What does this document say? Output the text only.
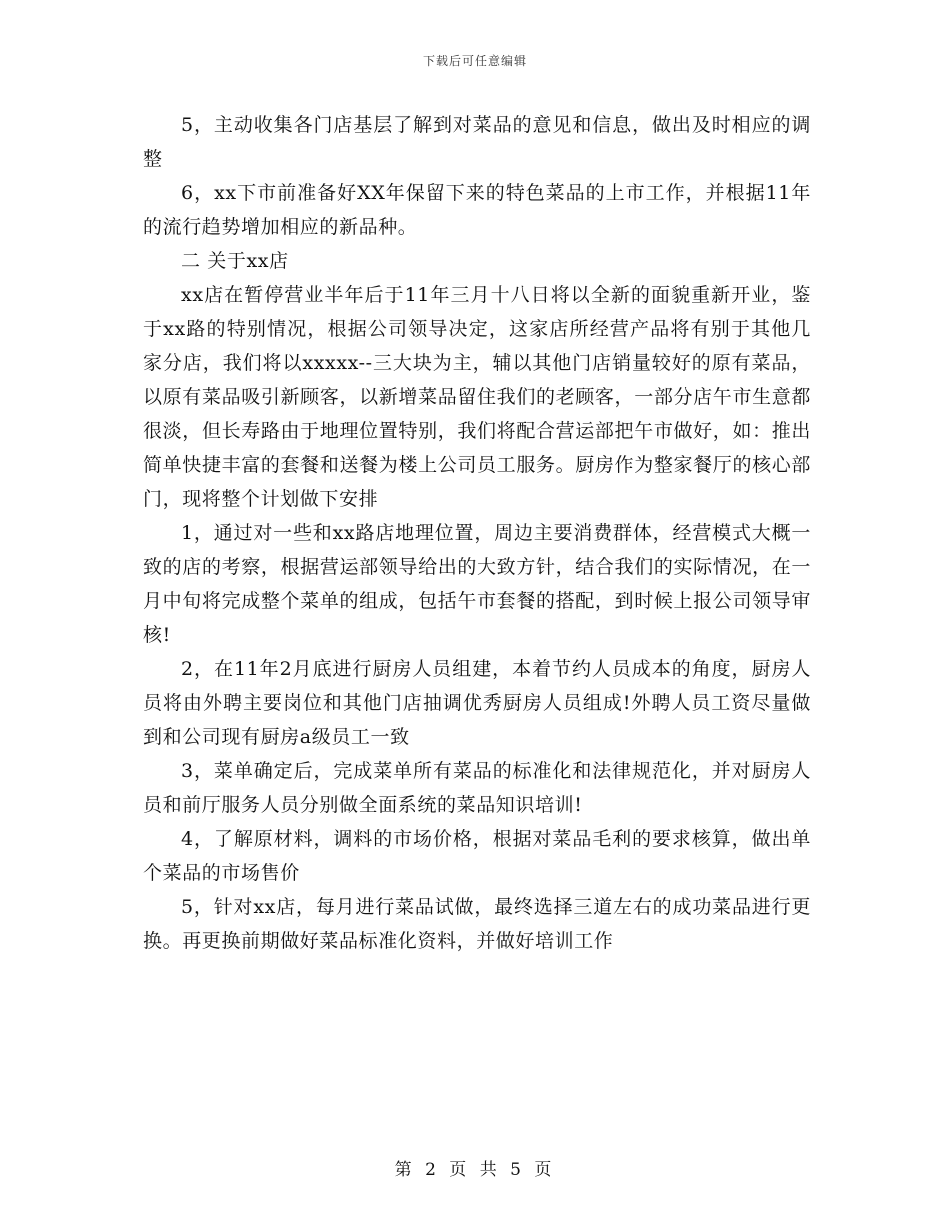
下载后可任意编辑

5，主动收集各门店基层了解到对菜品的意见和信息，做出及时相应的调整

6，xx下市前准备好XX年保留下来的特色菜品的上市工作，并根据11年的流行趋势增加相应的新品种。

二 关于xx店

xx店在暂停营业半年后于11年三月十八日将以全新的面貌重新开业，鉴于xx路的特别情况，根据公司领导决定，这家店所经营产品将有别于其他几家分店，我们将以xxxxx--三大块为主，辅以其他门店销量较好的原有菜品，以原有菜品吸引新顾客，以新增菜品留住我们的老顾客，一部分店午市生意都很淡，但长寿路由于地理位置特别，我们将配合营运部把午市做好，如：推出简单快捷丰富的套餐和送餐为楼上公司员工服务。厨房作为整家餐厅的核心部门，现将整个计划做下安排

1，通过对一些和xx路店地理位置，周边主要消费群体，经营模式大概一致的店的考察，根据营运部领导给出的大致方针，结合我们的实际情况，在一月中旬将完成整个菜单的组成，包括午市套餐的搭配，到时候上报公司领导审核!

2，在11年2月底进行厨房人员组建，本着节约人员成本的角度，厨房人员将由外聘主要岗位和其他门店抽调优秀厨房人员组成!外聘人员工资尽量做到和公司现有厨房a级员工一致

3，菜单确定后，完成菜单所有菜品的标准化和法律规范化，并对厨房人员和前厅服务人员分别做全面系统的菜品知识培训!

4，了解原材料，调料的市场价格，根据对菜品毛利的要求核算，做出单个菜品的市场售价

5，针对xx店，每月进行菜品试做，最终选择三道左右的成功菜品进行更换。再更换前期做好菜品标准化资料，并做好培训工作

第 2 页 共 5 页
